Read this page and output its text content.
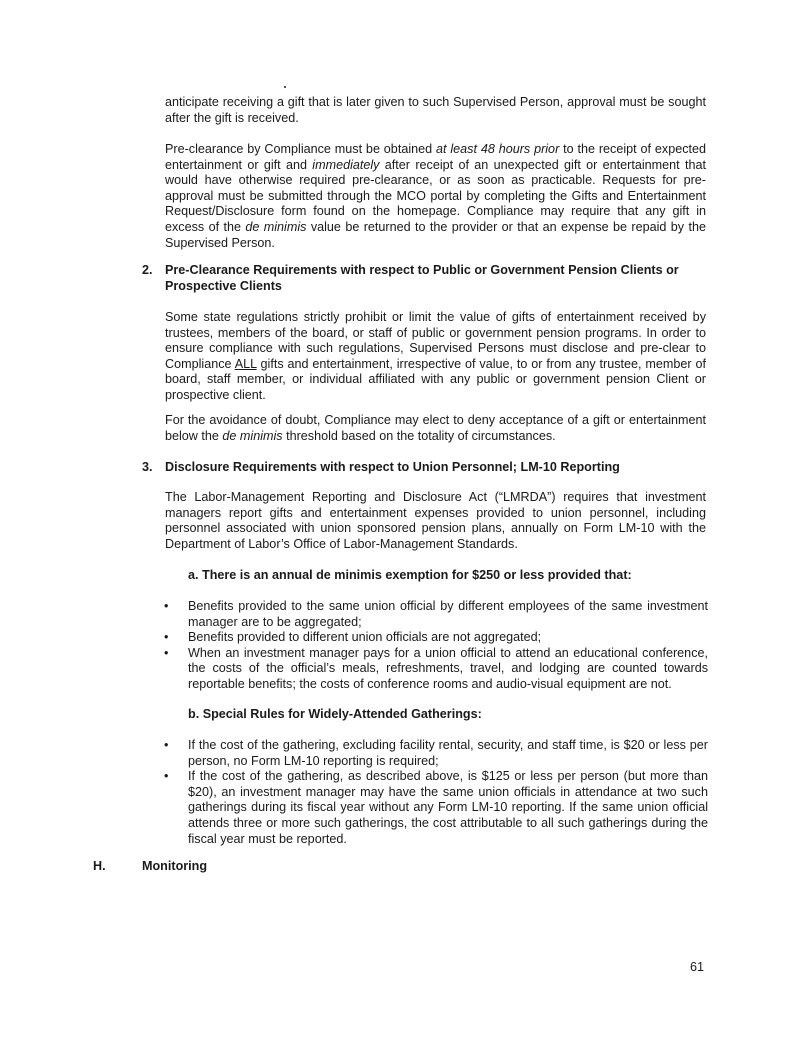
anticipate receiving a gift that is later given to such Supervised Person, approval must be sought after the gift is received.

Pre-clearance by Compliance must be obtained at least 48 hours prior to the receipt of expected entertainment or gift and immediately after receipt of an unexpected gift or entertainment that would have otherwise required pre-clearance, or as soon as practicable. Requests for pre-approval must be submitted through the MCO portal by completing the Gifts and Entertainment Request/Disclosure form found on the homepage. Compliance may require that any gift in excess of the de minimis value be returned to the provider or that an expense be repaid by the Supervised Person.

2. Pre-Clearance Requirements with respect to Public or Government Pension Clients or Prospective Clients

Some state regulations strictly prohibit or limit the value of gifts of entertainment received by trustees, members of the board, or staff of public or government pension programs. In order to ensure compliance with such regulations, Supervised Persons must disclose and pre-clear to Compliance ALL gifts and entertainment, irrespective of value, to or from any trustee, member of board, staff member, or individual affiliated with any public or government pension Client or prospective client.

For the avoidance of doubt, Compliance may elect to deny acceptance of a gift or entertainment below the de minimis threshold based on the totality of circumstances.

3. Disclosure Requirements with respect to Union Personnel; LM-10 Reporting

The Labor-Management Reporting and Disclosure Act (“LMRDA”) requires that investment managers report gifts and entertainment expenses provided to union personnel, including personnel associated with union sponsored pension plans, annually on Form LM-10 with the Department of Labor’s Office of Labor-Management Standards.

a. There is an annual de minimis exemption for $250 or less provided that:
• Benefits provided to the same union official by different employees of the same investment manager are to be aggregated;
• Benefits provided to different union officials are not aggregated;
• When an investment manager pays for a union official to attend an educational conference, the costs of the official’s meals, refreshments, travel, and lodging are counted towards reportable benefits; the costs of conference rooms and audio-visual equipment are not.
b. Special Rules for Widely-Attended Gatherings:
• If the cost of the gathering, excluding facility rental, security, and staff time, is $20 or less per person, no Form LM-10 reporting is required;
• If the cost of the gathering, as described above, is $125 or less per person (but more than $20), an investment manager may have the same union officials in attendance at two such gatherings during its fiscal year without any Form LM-10 reporting. If the same union official attends three or more such gatherings, the cost attributable to all such gatherings during the fiscal year must be reported.
H.	Monitoring
61
